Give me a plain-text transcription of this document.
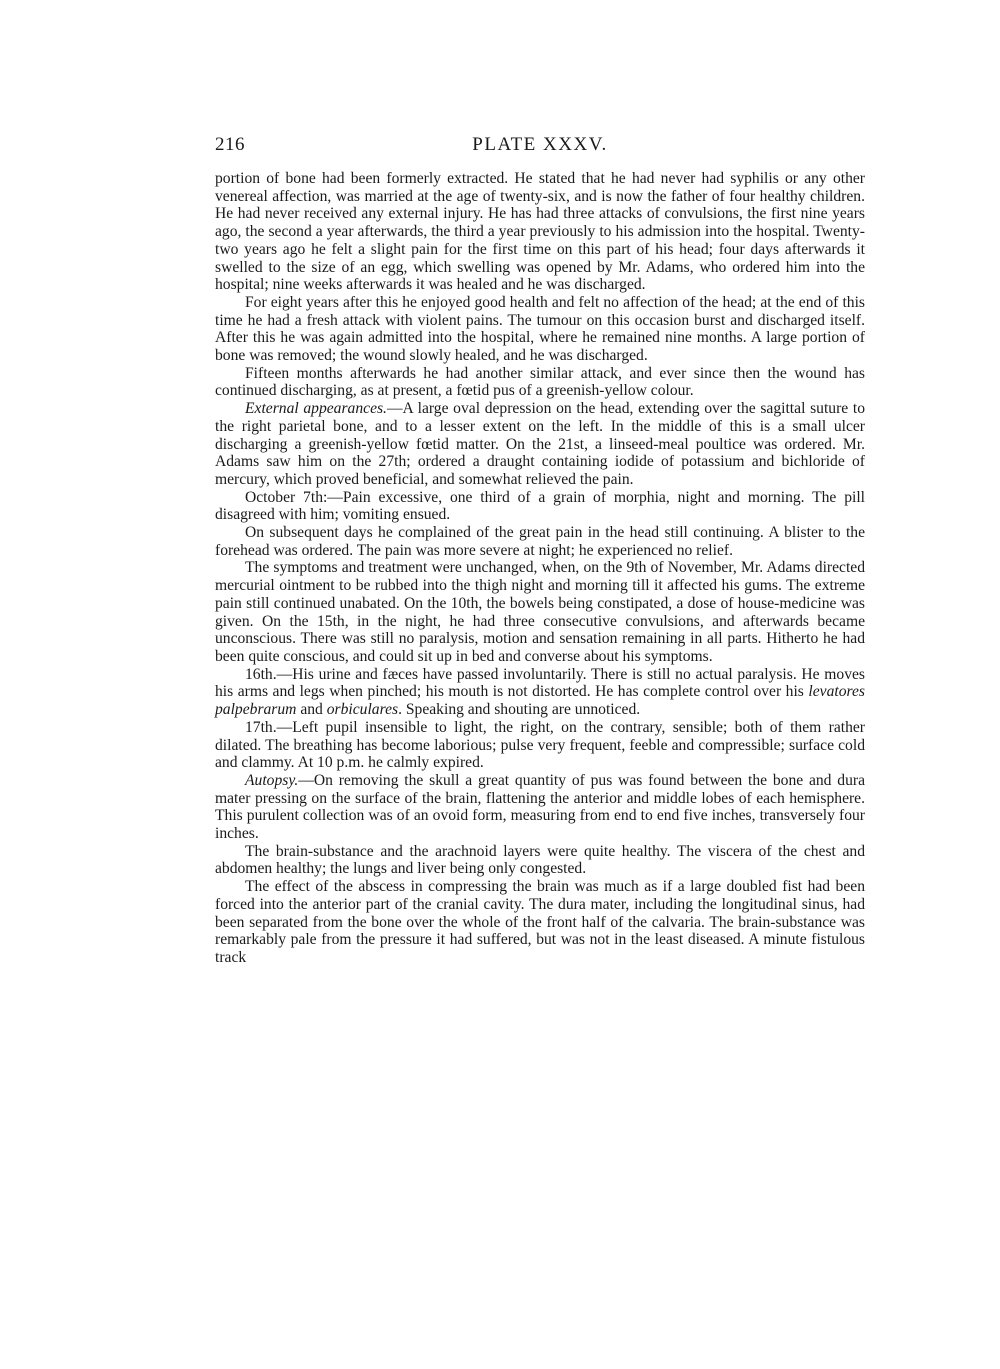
216	PLATE XXXV.

portion of bone had been formerly extracted. He stated that he had never had syphilis or any other venereal affection, was married at the age of twenty-six, and is now the father of four healthy children. He had never received any external injury. He has had three attacks of convulsions, the first nine years ago, the second a year afterwards, the third a year previously to his admission into the hospital. Twenty-two years ago he felt a slight pain for the first time on this part of his head; four days afterwards it swelled to the size of an egg, which swelling was opened by Mr. Adams, who ordered him into the hospital; nine weeks afterwards it was healed and he was discharged.

For eight years after this he enjoyed good health and felt no affection of the head; at the end of this time he had a fresh attack with violent pains. The tumour on this occasion burst and discharged itself. After this he was again admitted into the hospital, where he remained nine months. A large portion of bone was removed; the wound slowly healed, and he was discharged.

Fifteen months afterwards he had another similar attack, and ever since then the wound has continued discharging, as at present, a fœtid pus of a greenish-yellow colour.

External appearances.—A large oval depression on the head, extending over the sagittal suture to the right parietal bone, and to a lesser extent on the left. In the middle of this is a small ulcer discharging a greenish-yellow fœtid matter. On the 21st, a linseed-meal poultice was ordered. Mr. Adams saw him on the 27th; ordered a draught containing iodide of potassium and bichloride of mercury, which proved beneficial, and somewhat relieved the pain.

October 7th:—Pain excessive, one third of a grain of morphia, night and morning. The pill disagreed with him; vomiting ensued.

On subsequent days he complained of the great pain in the head still continuing. A blister to the forehead was ordered. The pain was more severe at night; he experienced no relief.

The symptoms and treatment were unchanged, when, on the 9th of November, Mr. Adams directed mercurial ointment to be rubbed into the thigh night and morning till it affected his gums. The extreme pain still continued unabated. On the 10th, the bowels being constipated, a dose of house-medicine was given. On the 15th, in the night, he had three consecutive convulsions, and afterwards became unconscious. There was still no paralysis, motion and sensation remaining in all parts. Hitherto he had been quite conscious, and could sit up in bed and converse about his symptoms.

16th.—His urine and fæces have passed involuntarily. There is still no actual paralysis. He moves his arms and legs when pinched; his mouth is not distorted. He has complete control over his levatores palpebrarum and orbiculares. Speaking and shouting are unnoticed.

17th.—Left pupil insensible to light, the right, on the contrary, sensible; both of them rather dilated. The breathing has become laborious; pulse very frequent, feeble and compressible; surface cold and clammy. At 10 p.m. he calmly expired.

Autopsy.—On removing the skull a great quantity of pus was found between the bone and dura mater pressing on the surface of the brain, flattening the anterior and middle lobes of each hemisphere. This purulent collection was of an ovoid form, measuring from end to end five inches, transversely four inches.

The brain-substance and the arachnoid layers were quite healthy. The viscera of the chest and abdomen healthy; the lungs and liver being only congested.

The effect of the abscess in compressing the brain was much as if a large doubled fist had been forced into the anterior part of the cranial cavity. The dura mater, including the longitudinal sinus, had been separated from the bone over the whole of the front half of the calvaria. The brain-substance was remarkably pale from the pressure it had suffered, but was not in the least diseased. A minute fistulous track
